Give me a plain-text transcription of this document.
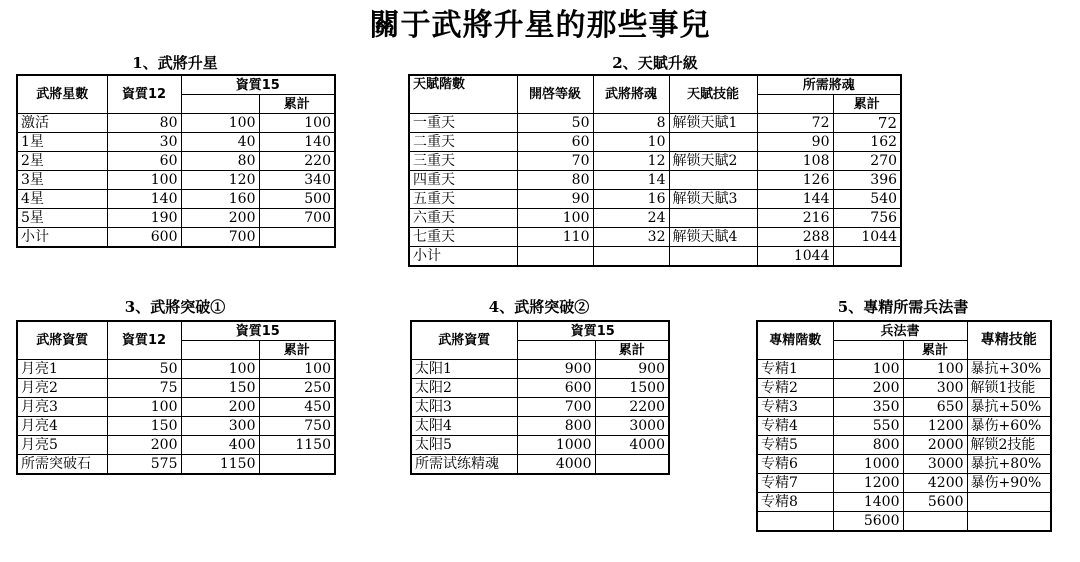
關于武將升星的那些事兒
1、武將升星
武將星數	資質12	資質15	
			累計
激活	80	100	100
1星	30	40	140
2星	60	80	220
3星	100	120	340
4星	140	160	500
5星	190	200	700
小计	600	700	
2、天賦升級
天賦階數	開啓等級	武將將魂	天賦技能	所需將魂	
					累計
一重天	50	8	解锁天賦1	72	72
二重天	60	10		90	162
三重天	70	12	解锁天賦2	108	270
四重天	80	14		126	396
五重天	90	16	解锁天賦3	144	540
六重天	100	24		216	756
七重天	110	32	解锁天賦4	288	1044
小计				1044	
3、武將突破①
武將資質	資質12	資質15	
			累計
月亮1	50	100	100
月亮2	75	150	250
月亮3	100	200	450
月亮4	150	300	750
月亮5	200	400	1150
所需突破石	575	1150	
4、武將突破②
武將資質	資質15	
		累計
太阳1	900	900
太阳2	600	1500
太阳3	700	2200
太阳4	800	3000
太阳5	1000	4000
所需试练精魂	4000	
5、專精所需兵法書
專精階數	兵法書		專精技能
		累計	
专精1	100	100	暴抗+30%
专精2	200	300	解锁1技能
专精3	350	650	暴抗+50%
专精4	550	1200	暴伤+60%
专精5	800	2000	解锁2技能
专精6	1000	3000	暴抗+80%
专精7	1200	4200	暴伤+90%
专精8	1400	5600	
	5600		
